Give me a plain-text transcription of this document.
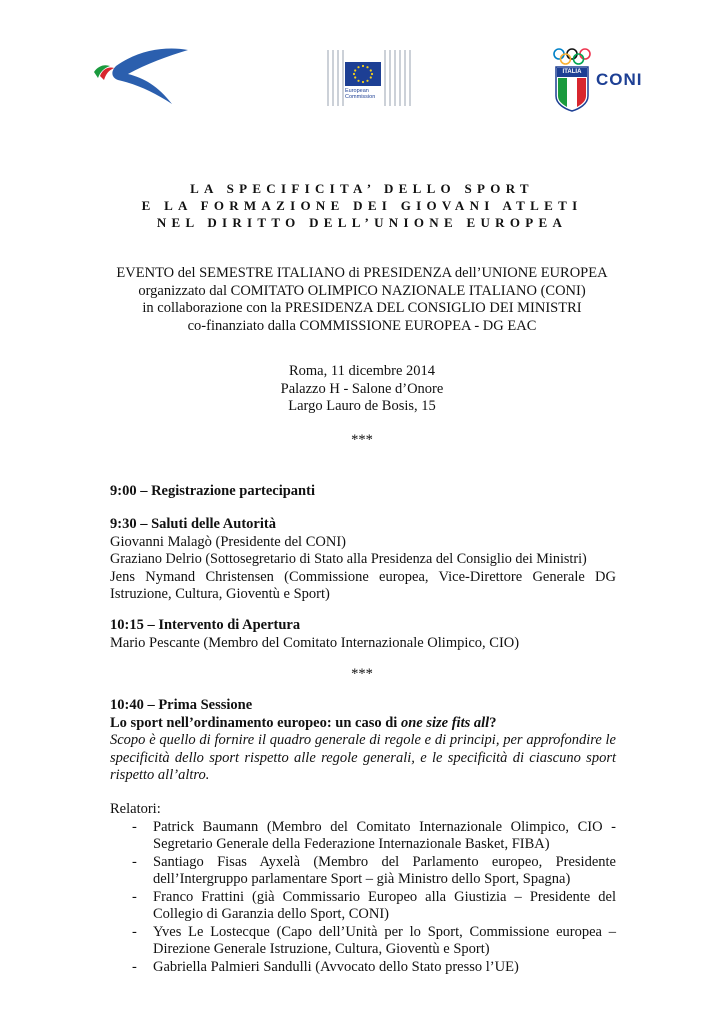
European
Commission
ITALIA CONI
LA SPECIFICITA’ DELLO SPORT
E LA FORMAZIONE DEI GIOVANI ATLETI
NEL DIRITTO DELL’UNIONE EUROPEA
EVENTO del SEMESTRE ITALIANO di PRESIDENZA dell’UNIONE EUROPEA
organizzato dal COMITATO OLIMPICO NAZIONALE ITALIANO (CONI)
in collaborazione con la PRESIDENZA DEL CONSIGLIO DEI MINISTRI
co-finanziato dalla COMMISSIONE EUROPEA - DG EAC
Roma, 11 dicembre 2014
Palazzo H - Salone d’Onore
Largo Lauro de Bosis, 15
***
9:00 – Registrazione partecipanti
9:30 – Saluti delle Autorità
Giovanni Malagò (Presidente del CONI)
Graziano Delrio (Sottosegretario di Stato alla Presidenza del Consiglio dei Ministri)
Jens Nymand Christensen (Commissione europea, Vice-Direttore Generale DG Istruzione, Cultura, Gioventù e Sport)
10:15 – Intervento di Apertura
Mario Pescante (Membro del Comitato Internazionale Olimpico, CIO)
***
10:40 – Prima Sessione
Lo sport nell’ordinamento europeo: un caso di one size fits all?
Scopo è quello di fornire il quadro generale di regole e di principi, per approfondire le specificità dello sport rispetto alle regole generali, e le specificità di ciascuno sport rispetto all’altro.
Relatori:
- Patrick Baumann (Membro del Comitato Internazionale Olimpico, CIO - Segretario Generale della Federazione Internazionale Basket, FIBA)
- Santiago Fisas Ayxelà (Membro del Parlamento europeo, Presidente dell’Intergruppo parlamentare Sport – già Ministro dello Sport, Spagna)
- Franco Frattini (già Commissario Europeo alla Giustizia – Presidente del Collegio di Garanzia dello Sport, CONI)
- Yves Le Lostecque (Capo dell’Unità per lo Sport, Commissione europea – Direzione Generale Istruzione, Cultura, Gioventù e Sport)
- Gabriella Palmieri Sandulli (Avvocato dello Stato presso l’UE)
